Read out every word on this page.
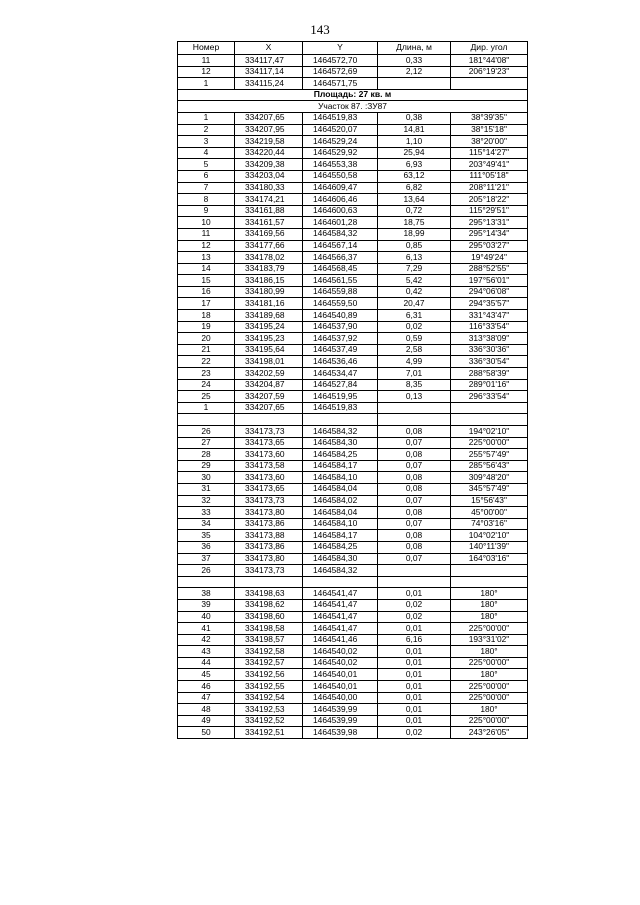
143
Номер	X	Y	Длина, м	Дир. угол
11	334117,47	1464572,70	0,33	181°44'08"
12	334117,14	1464572,69	2,12	206°19'23"
1	334115,24	1464571,75		
Площадь: 27 кв. м				
Участок 87. :ЗУ87				
1	334207,65	1464519,83	0,38	38°39'35"
2	334207,95	1464520,07	14,81	38°15'18"
3	334219,58	1464529,24	1,10	38°20'00"
4	334220,44	1464529,92	25,94	115°14'27"
5	334209,38	1464553,38	6,93	203°49'41"
6	334203,04	1464550,58	63,12	111°05'18"
7	334180,33	1464609,47	6,82	208°11'21"
8	334174,21	1464606,46	13,64	205°18'22"
9	334161,88	1464600,63	0,72	115°29'51"
10	334161,57	1464601,28	18,75	295°13'31"
11	334169,56	1464584,32	18,99	295°14'34"
12	334177,66	1464567,14	0,85	295°03'27"
13	334178,02	1464566,37	6,13	19°49'24"
14	334183,79	1464568,45	7,29	288°52'55"
15	334186,15	1464561,55	5,42	197°56'01"
16	334180,99	1464559,88	0,42	294°06'08"
17	334181,16	1464559,50	20,47	294°35'57"
18	334189,68	1464540,89	6,31	331°43'47"
19	334195,24	1464537,90	0,02	116°33'54"
20	334195,23	1464537,92	0,59	313°38'09"
21	334195,64	1464537,49	2,58	336°30'36"
22	334198,01	1464536,46	4,99	336°30'54"
23	334202,59	1464534,47	7,01	288°58'39"
24	334204,87	1464527,84	8,35	289°01'16"
25	334207,59	1464519,95	0,13	296°33'54"
1	334207,65	1464519,83		

26	334173,73	1464584,32	0,08	194°02'10"
27	334173,65	1464584,30	0,07	225°00'00"
28	334173,60	1464584,25	0,08	255°57'49"
29	334173,58	1464584,17	0,07	285°56'43"
30	334173,60	1464584,10	0,08	309°48'20"
31	334173,65	1464584,04	0,08	345°57'49"
32	334173,73	1464584,02	0,07	15°56'43"
33	334173,80	1464584,04	0,08	45°00'00"
34	334173,86	1464584,10	0,07	74°03'16"
35	334173,88	1464584,17	0,08	104°02'10"
36	334173,86	1464584,25	0,08	140°11'39"
37	334173,80	1464584,30	0,07	164°03'16"
26	334173,73	1464584,32		

38	334198,63	1464541,47	0,01	180°
39	334198,62	1464541,47	0,02	180°
40	334198,60	1464541,47	0,02	180°
41	334198,58	1464541,47	0,01	225°00'00"
42	334198,57	1464541,46	6,16	193°31'02"
43	334192,58	1464540,02	0,01	180°
44	334192,57	1464540,02	0,01	225°00'00"
45	334192,56	1464540,01	0,01	180°
46	334192,55	1464540,01	0,01	225°00'00"
47	334192,54	1464540,00	0,01	225°00'00"
48	334192,53	1464539,99	0,01	180°
49	334192,52	1464539,99	0,01	225°00'00"
50	334192,51	1464539,98	0,02	243°26'05"
